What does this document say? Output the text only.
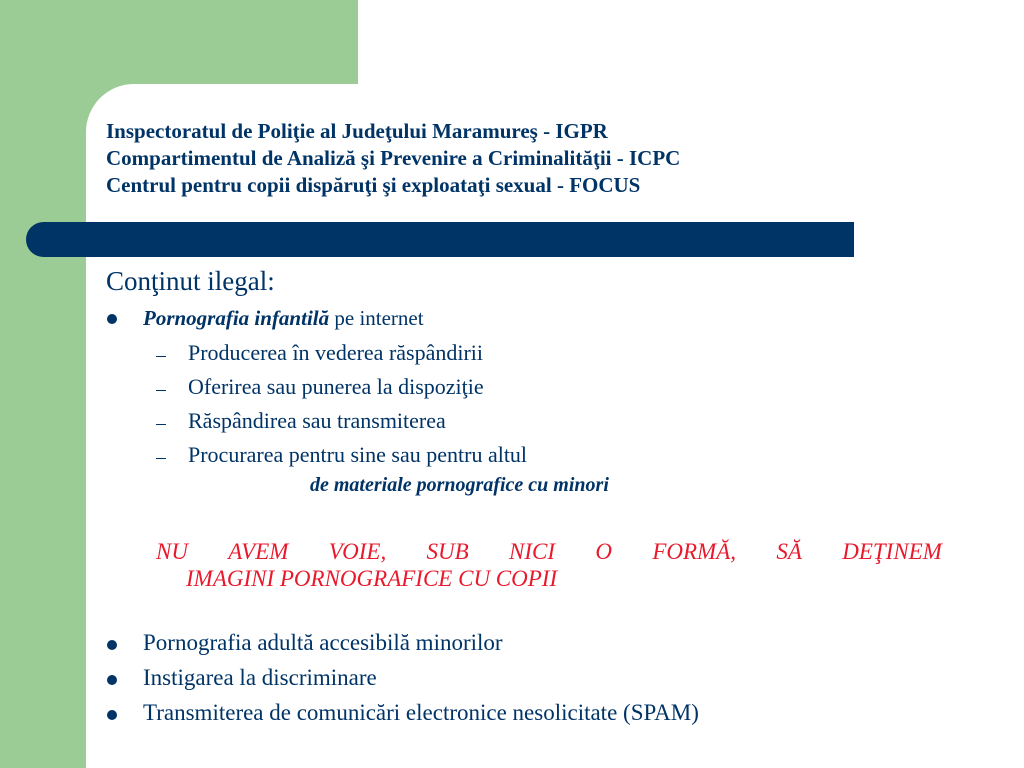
Inspectoratul de Poliţie al Judeţului Maramureş - IGPR
Compartimentul de Analiză şi Prevenire a Criminalităţii - ICPC
Centrul pentru copii dispăruţi şi exploataţi sexual - FOCUS
Conţinut ilegal:
Pornografia infantilă pe internet
Producerea în vederea răspândirii
Oferirea sau punerea la dispoziţie
Răspândirea sau transmiterea
Procurarea pentru sine sau pentru altul
de materiale pornografice cu minori
NU AVEM VOIE, SUB NICI O FORMĂ, SĂ DEŢINEM
IMAGINI PORNOGRAFICE CU COPII
Pornografia adultă accesibilă minorilor
Instigarea la discriminare
Transmiterea de comunicări electronice nesolicitate (SPAM)
